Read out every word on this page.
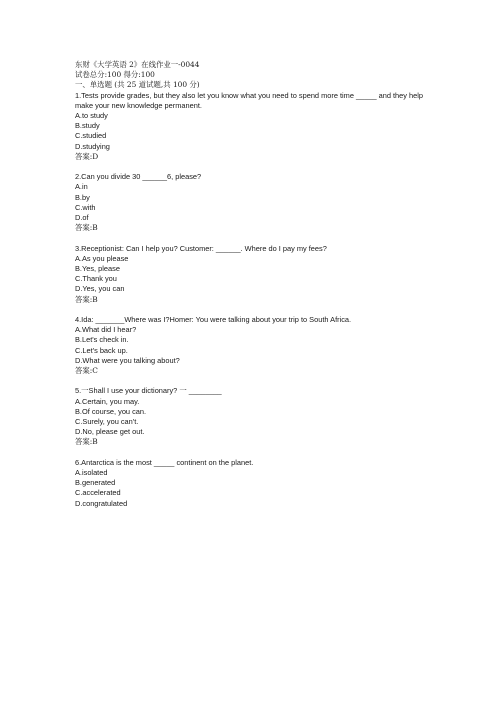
东财《大学英语 2》在线作业一-0044
试卷总分:100 得分:100
一、单选题 (共 25 道试题,共 100 分)
1.Tests provide grades, but they also let you know what you need to spend more time _____ and they help make your new knowledge permanent.
A.to study
B.study
C.studied
D.studying
答案:D
2.Can you divide 30 ______6, please?
A.in
B.by
C.with
D.of
答案:B
3.Receptionist: Can I help you? Customer: ______. Where do I pay my fees?
A.As you please
B.Yes, please
C.Thank you
D.Yes, you can
答案:B
4.Ida: _______Where was I?Homer: You were talking about your trip to South Africa.
A.What did I hear?
B.Let's check in.
C.Let's back up.
D.What were you talking about?
答案:C
5.一Shall I use your dictionary? 一 ________
A.Certain, you may.
B.Of course, you can.
C.Surely, you can't.
D.No, please get out.
答案:B
6.Antarctica is the most _____ continent on the planet.
A.isolated
B.generated
C.accelerated
D.congratulated
